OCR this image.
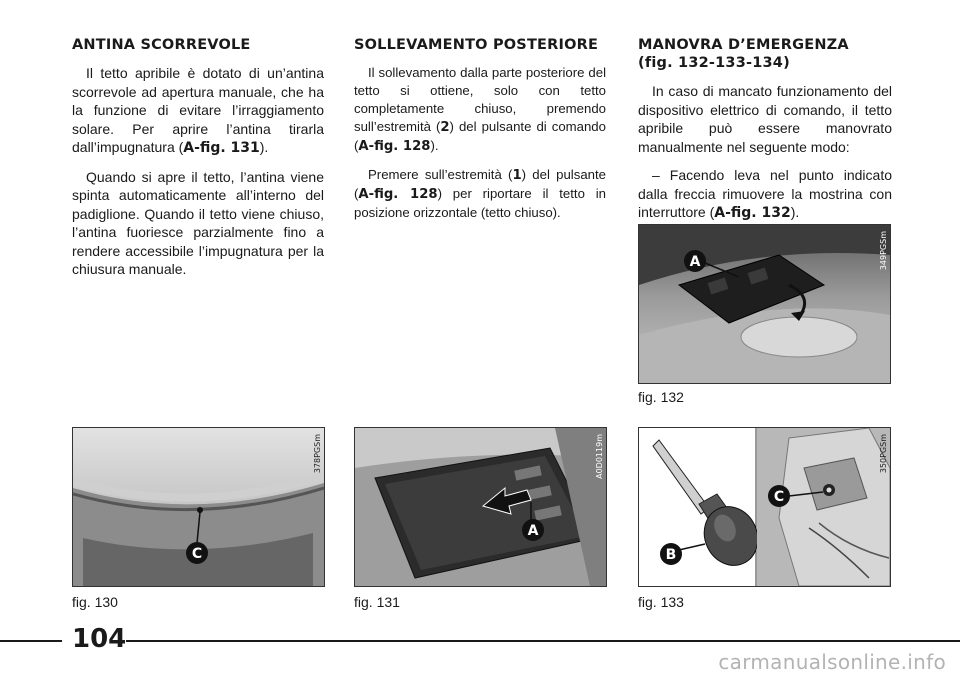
ANTINA SCORREVOLE

Il tetto apribile è dotato di un’antina scorrevole ad apertura manuale, che ha la funzione di evitare l’irraggiamento solare. Per aprire l’antina tirarla dall’impugnatura (A-fig. 131).

Quando si apre il tetto, l’antina viene spinta automaticamente all’interno del padiglione. Quando il tetto viene chiuso, l’antina fuoriesce parzialmente fino a rendere accessibile l’impugnatura per la chiusura manuale.

SOLLEVAMENTO POSTERIORE

Il sollevamento dalla parte posteriore del tetto si ottiene, solo con tetto completamente chiuso, premendo sull’estremità (2) del pulsante di comando (A-fig. 128).

Premere sull’estremità (1) del pulsante (A-fig. 128) per riportare il tetto in posizione orizzontale (tetto chiuso).

MANOVRA D’EMERGENZA
(fig. 132-133-134)

In caso di mancato funzionamento del dispositivo elettrico di comando, il tetto apribile può essere manovrato manualmente nel seguente modo:

– Facendo leva nel punto indicato dalla freccia rimuovere la mostrina con interruttore (A-fig. 132).

A	349PGSm
fig. 132
C
378PGSm
fig. 130
A
A0D0119m
fig. 131
B
C
350PGSm
fig. 133
104
carmanualsonline.info
